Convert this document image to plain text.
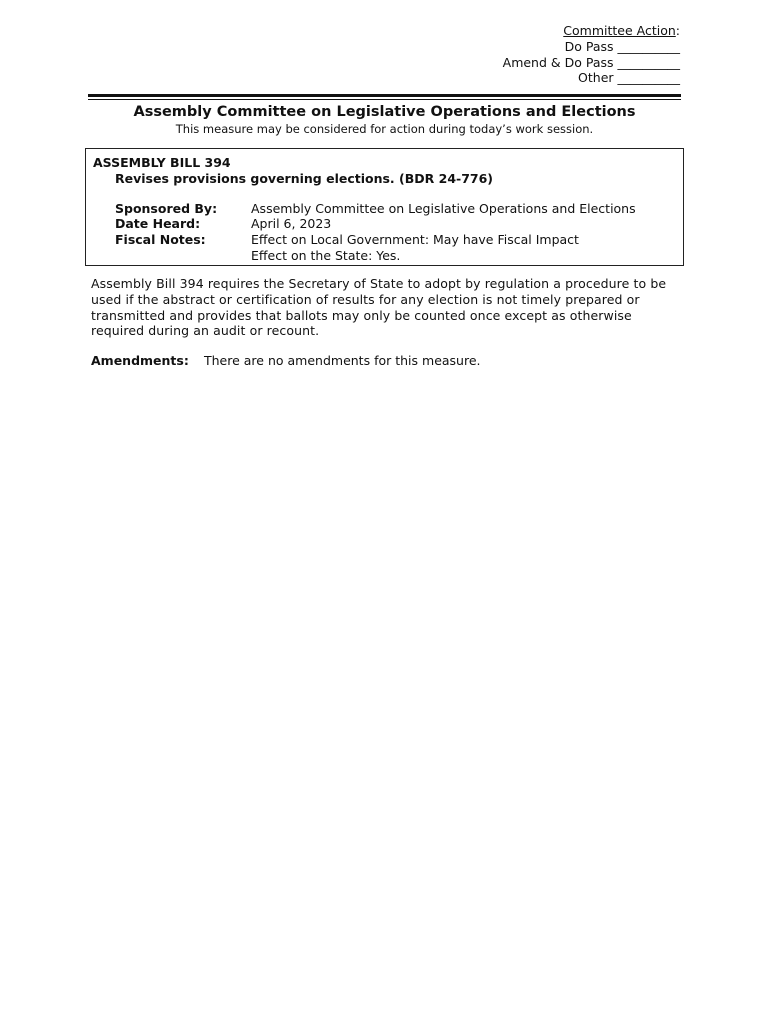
Committee Action:
Do Pass __________
Amend & Do Pass __________
Other __________
Assembly Committee on Legislative Operations and Elections
This measure may be considered for action during today’s work session.
ASSEMBLY BILL 394
Revises provisions governing elections. (BDR 24-776)
Sponsored By:	Assembly Committee on Legislative Operations and Elections
Date Heard:	April 6, 2023
Fiscal Notes:	Effect on Local Government: May have Fiscal Impact
Effect on the State: Yes.
Assembly Bill 394 requires the Secretary of State to adopt by regulation a procedure to be
used if the abstract or certification of results for any election is not timely prepared or
transmitted and provides that ballots may only be counted once except as otherwise
required during an audit or recount.
Amendments: There are no amendments for this measure.
